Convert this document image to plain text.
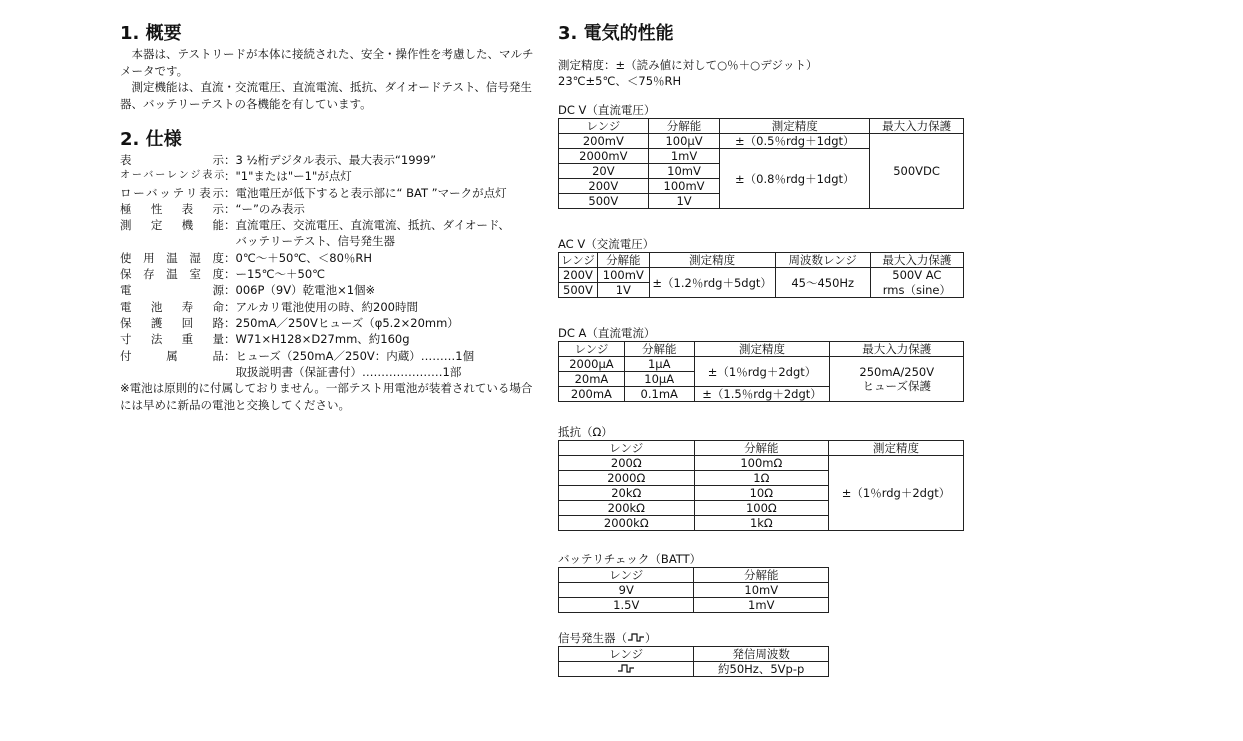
1. 概要

　本器は、テストリードが本体に接続された、安全・操作性を考慮した、マルチメータです。

　測定機能は、直流・交流電圧、直流電流、抵抗、ダイオードテスト、信号発生器、バッテリーテストの各機能を有しています。

2. 仕様
表　　示 ：3 ½桁デジタル表示、最大表示“1999”
オーバーレンジ表示 ："1"または"ー1"が点灯
ローバッテリ表示 ：電池電圧が低下すると表示部に“ BAT ”マークが点灯
極 性 表 示 ：“ー”のみ表示
測 定 機 能 ：直流電圧、交流電圧、直流電流、抵抗、ダイオード、
　バッテリーテスト、信号発生器
使 用 温 湿 度 ：0℃～＋50℃、＜80％RH
保 存 温 室 度 ：ー15℃～＋50℃
電　　源 ：006P（9V）乾電池×1個※
電 池 寿 命 ：アルカリ電池使用の時、約200時間
保 護 回 路 ：250mA／250Vヒューズ（φ5.2×20mm）
寸 法 重 量 ：W71×H128×D27mm、約160g
付　属　品 ：ヒューズ（250mA／250V：内蔵）………1個
　取扱説明書（保証書付）…………………1部

※電池は原則的に付属しておりません。一部テスト用電池が装着されている場合には早めに新品の電池と交換してください。

3. 電気的性能
測定精度：±（読み値に対して○％＋○デジット）
23℃±5℃、＜75％RH
DC V（直流電圧）
レンジ	分解能	測定精度	最大入力保護
200mV	100μV	±（0.5％rdg＋1dgt）	500VDC
2000mV	1mV	±（0.8％rdg＋1dgt）	
20V	10mV		
200V	100mV		
500V	1V		
AC V（交流電圧）
レンジ	分解能	測定精度	周波数レンジ	最大入力保護
200V	100mV	±（1.2％rdg＋5dgt）	45～450Hz	500V AC
500V	1V			rms（sine）
DC A（直流電流）
レンジ	分解能	測定精度	最大入力保護
2000μA	1μA	±（1％rdg＋2dgt）	250mA/250V
ヒューズ保護

20mA	10μA		
200mA	0.1mA	±（1.5％rdg＋2dgt）	
抵抗（Ω）
レンジ	分解能	測定精度
200Ω	100mΩ	±（1％rdg＋2dgt）
2000Ω	1Ω	
20kΩ	10Ω	
200kΩ	100Ω	
2000kΩ	1kΩ	
バッテリチェック（BATT）
レンジ	分解能
9V	10mV
1.5V	1mV
信号発生器（ ）
レンジ	発信周波数
	約50Hz、5Vp-p
